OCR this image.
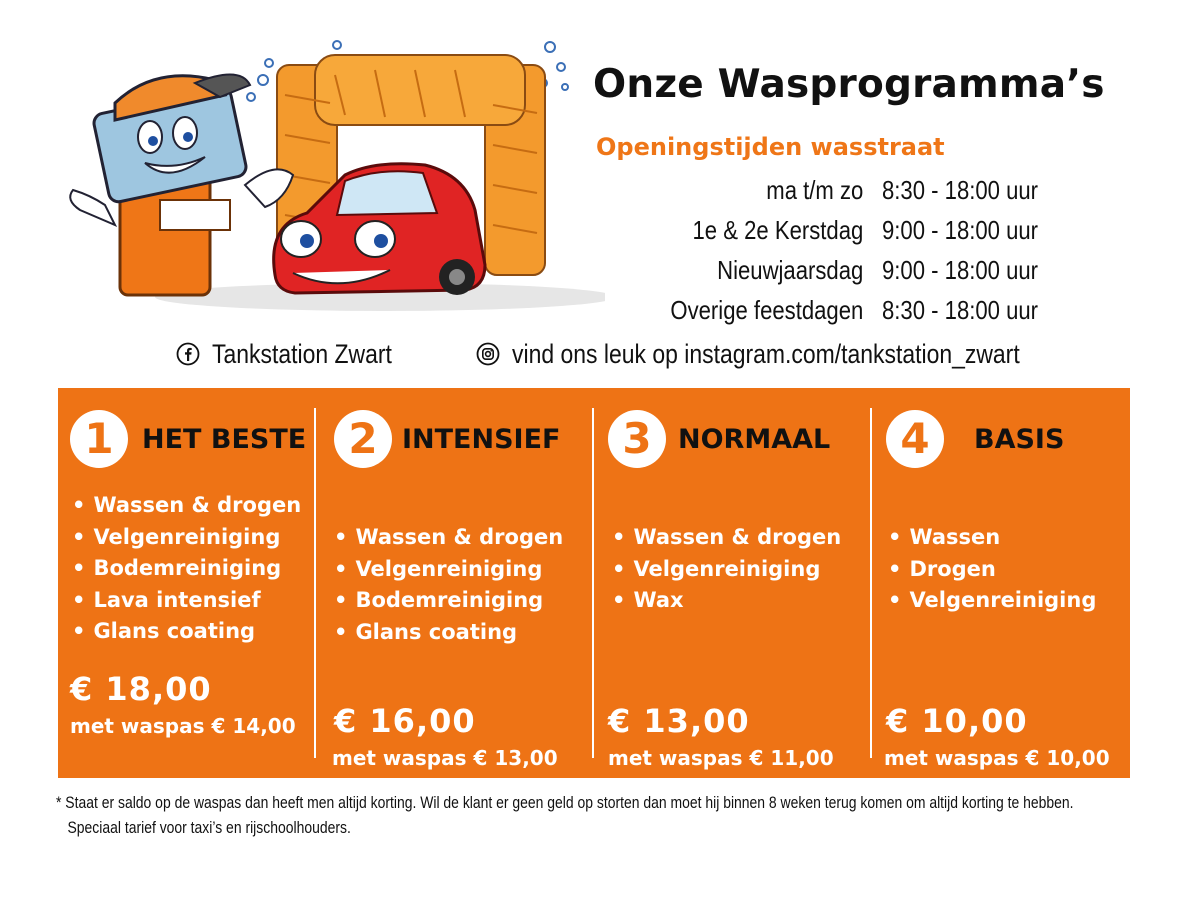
Onze Wasprogramma’s
Openingstijden wasstraat
ma t/m zo 8:30 - 18:00 uur
1e & 2e Kerstdag 9:00 - 18:00 uur
Nieuwjaarsdag 9:00 - 18:00 uur
Overige feestdagen 8:30 - 18:00 uur
Tankstation Zwart	vind ons leuk op instagram.com/tankstation_zwart
1	HET BESTE
• Wassen & drogen
• Velgenreiniging
• Bodemreiniging
• Lava intensief
• Glans coating
€ 18,00
met waspas € 14,00
2 INTENSIEF
• Wassen & drogen
• Velgenreiniging
• Bodemreiniging
• Glans coating
€ 16,00
met waspas € 13,00
3 NORMAAL
• Wassen & drogen
• Velgenreiniging
• Wax
€ 13,00
met waspas € 11,00
4	BASIS
• Wassen
• Drogen
• Velgenreiniging
€ 10,00
met waspas € 10,00
* Staat er saldo op de waspas dan heeft men altijd korting. Wil de klant er geen geld op storten dan moet hij binnen 8 weken terug komen om altijd korting te hebben.
Speciaal tarief voor taxi’s en rijschoolhouders.
